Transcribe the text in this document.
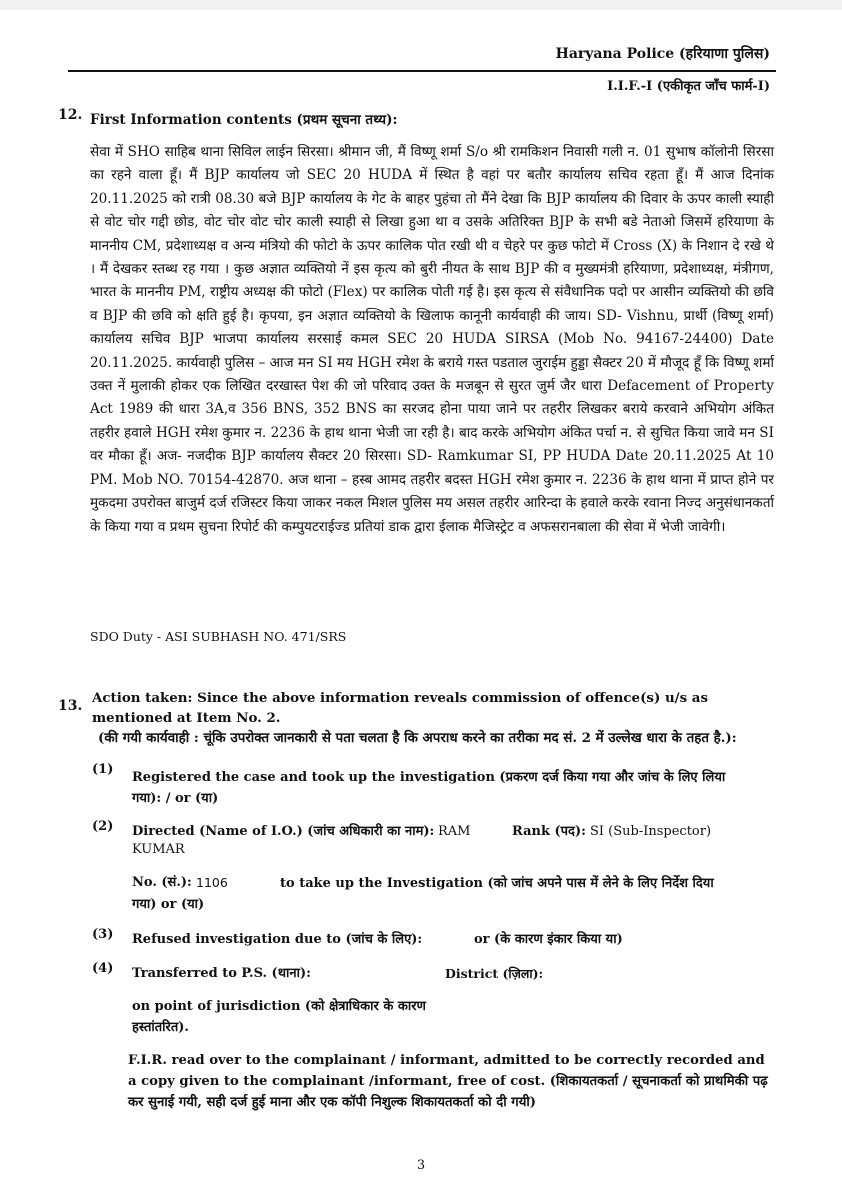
Haryana Police (हरियाणा पुलिस)
I.I.F.-I (एकीकृत जाँच फार्म-I)
12. First Information contents (प्रथम सूचना तथ्य):
सेवा में SHO साहिब थाना सिविल लाईन सिरसा। श्रीमान जी, मैं विष्णू शर्मा S/o श्री रामकिशन निवासी गली न. 01 सुभाष कॉलोनी सिरसा का रहने वाला हूँ। मैं BJP कार्यालय जो SEC 20 HUDA में स्थित है वहां पर बतौर कार्यालय सचिव रहता हूँ। मैं आज दिनांक 20.11.2025 को रात्री 08.30 बजे BJP कार्यालय के गेट के बाहर पुहंचा तो मैंने देखा कि BJP कार्यालय की दिवार के ऊपर काली स्याही से वोट चोर गद्दी छोड, वोट चोर वोट चोर काली स्याही से लिखा हुआ था व उसके अतिरिक्त BJP के सभी बडे नेताओ जिसमें हरियाणा के माननीय CM, प्रदेशाध्यक्ष व अन्य मंत्रियो की फोटो के ऊपर कालिक पोत रखी थी व चेहरे पर कुछ फोटो में Cross (X) के निशान दे रखे थे । मैं देखकर स्तब्ध रह गया । कुछ अज्ञात व्यक्तियो नें इस कृत्य को बुरी नीयत के साथ BJP की व मुख्यमंत्री हरियाणा, प्रदेशाध्यक्ष, मंत्रीगण, भारत के माननीय PM, राष्ट्रीय अध्यक्ष की फोटो (Flex) पर कालिक पोती गई है। इस कृत्य से संवैधानिक पदो पर आसीन व्यक्तियो की छवि व BJP की छवि को क्षति हुई है। कृपया, इन अज्ञात व्यक्तियो के खिलाफ कानूनी कार्यवाही की जाय। SD- Vishnu, प्रार्थी (विष्णू शर्मा) कार्यालय सचिव BJP भाजपा कार्यालय सरसाई कमल SEC 20 HUDA SIRSA (Mob No. 94167-24400) Date 20.11.2025. कार्यवाही पुलिस – आज मन SI मय HGH रमेश के बराये गस्त पडताल जुराईम हुड्डा सैक्टर 20 में मौजूद हूँ कि विष्णू शर्मा उक्त नें मुलाकी होकर एक लिखित दरखास्त पेश की जो परिवाद उक्त के मजबून से सुरत जुर्म जैर धारा Defacement of Property Act 1989 की धारा 3A,व 356 BNS, 352 BNS का सरजद होना पाया जाने पर तहरीर लिखकर बराये करवाने अभियोग अंकित तहरीर हवाले HGH रमेश कुमार न. 2236 के हाथ थाना भेजी जा रही है। बाद करके अभियोग अंकित पर्चा न. से सुचित किया जावे मन SI वर मौका हूँ। अज- नजदीक BJP कार्यालय सैक्टर 20 सिरसा। SD- Ramkumar SI, PP HUDA Date 20.11.2025 At 10 PM. Mob NO. 70154-42870. अज थाना – हस्ब आमद तहरीर बदस्त HGH रमेश कुमार न. 2236 के हाथ थाना में प्राप्त होने पर मुकदमा उपरोक्त बाजुर्म दर्ज रजिस्टर किया जाकर नकल मिशल पुलिस मय असल तहरीर आरिन्दा के हवाले करके रवाना निज्द अनुसंधानकर्ता के किया गया व प्रथम सुचना रिपोर्ट की कम्पुयटराईज्ड प्रतियां डाक द्वारा ईलाक मैजिस्ट्रेट व अफसरानबाला की सेवा में भेजी जावेगी।
SDO Duty - ASI SUBHASH NO. 471/SRS
13. Action taken: Since the above information reveals commission of offence(s) u/s as mentioned at Item No. 2.
(की गयी कार्यवाही : चूंकि उपरोक्त जानकारी से पता चलता है कि अपराध करने का तरीका मद सं. 2 में उल्लेख धारा के तहत है.):
(1)
Registered the case and took up the investigation (प्रकरण दर्ज किया गया और जांच के लिए लिया गया): / or (या)
(2) Directed (Name of I.O.) (जांच अधिकारी का नाम): RAM
KUMAR
Rank (पद): SI (Sub-Inspector)
No. (सं.): 1106	to take up the Investigation (को जांच अपने पास में लेने के लिए निर्देश दिया गया) or (या)
(3) Refused investigation due to (जांच के लिए):	or (के कारण इंकार किया या)
(4) Transferred to P.S. (थाना):	District (ज़िला):
on point of jurisdiction (को क्षेत्राधिकार के कारण हस्तांतरित).
F.I.R. read over to the complainant / informant, admitted to be correctly recorded and a copy given to the complainant /informant, free of cost. (शिकायतकर्ता / सूचनाकर्ता को प्राथमिकी पढ़ कर सुनाई गयी, सही दर्ज हुई माना और एक कॉपी निशुल्क शिकायतकर्ता को दी गयी)
3
